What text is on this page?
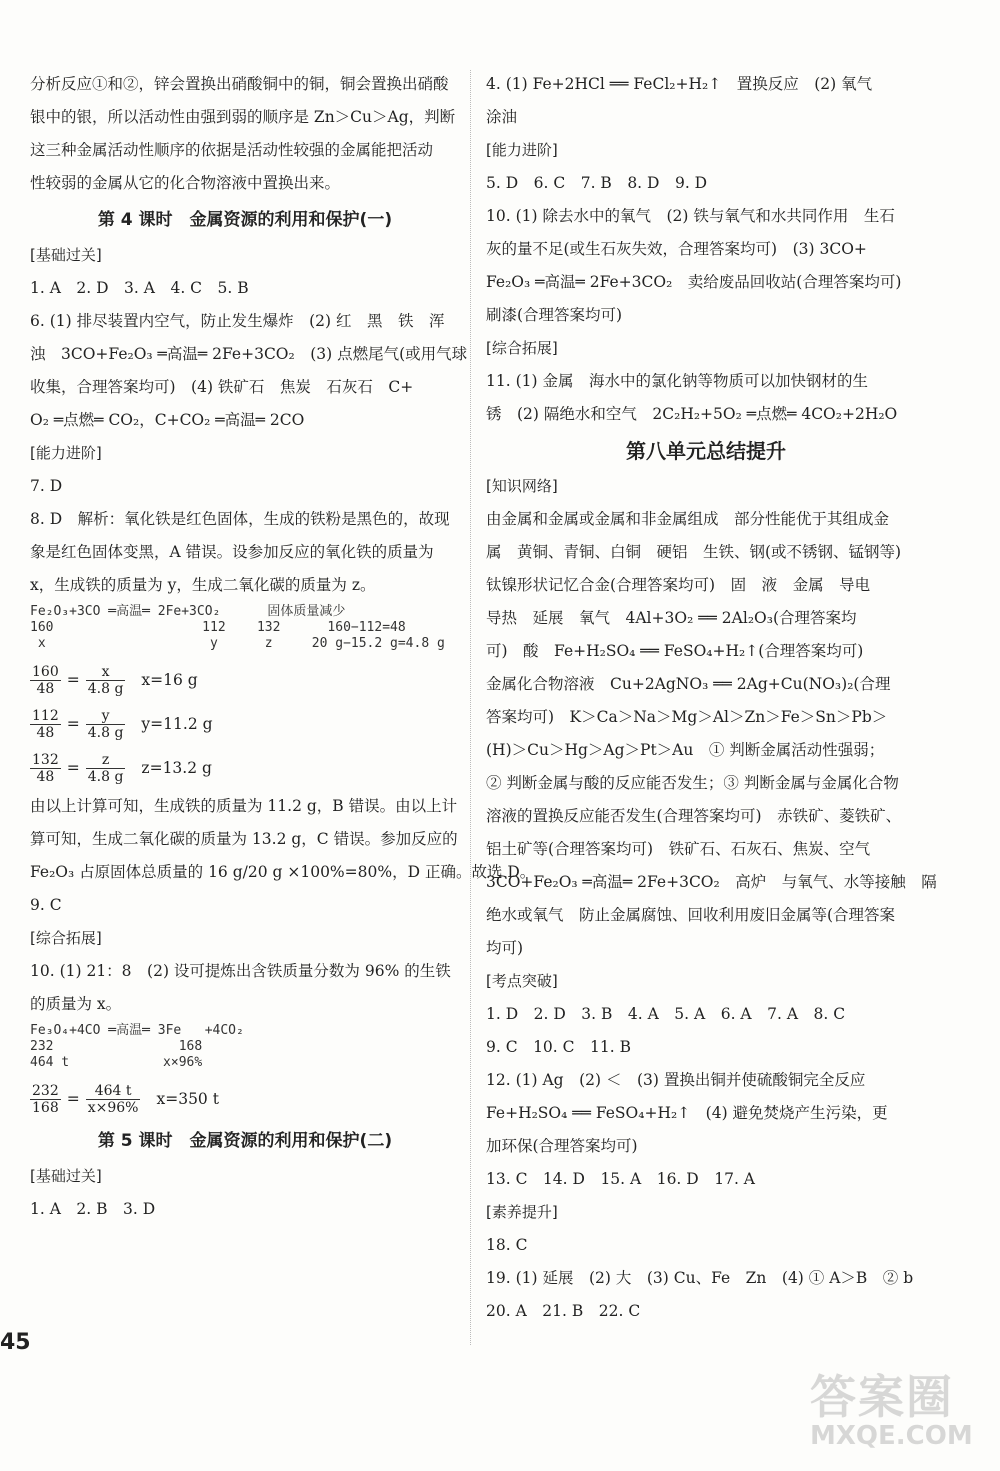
分析反应①和②，锌会置换出硝酸铜中的铜，铜会置换出硝酸
银中的银，所以活动性由强到弱的顺序是 Zn＞Cu＞Ag，判断
这三种金属活动性顺序的依据是活动性较强的金属能把活动
性较弱的金属从它的化合物溶液中置换出来。
第 4 课时　金属资源的利用和保护(一)
[基础过关]
1. A　2. D　3. A　4. C　5. B
6. (1) 排尽装置内空气，防止发生爆炸　(2) 红　黑　铁　浑
浊　3CO+Fe₂O₃ ═高温═ 2Fe+3CO₂　(3) 点燃尾气(或用气球
收集，合理答案均可)　(4) 铁矿石　焦炭　石灰石　C+
O₂ ═点燃═ CO₂，C+CO₂ ═高温═ 2CO
[能力进阶]
7. D
8. D　解析：氧化铁是红色固体，生成的铁粉是黑色的，故现
象是红色固体变黑，A 错误。设参加反应的氧化铁的质量为
x，生成铁的质量为 y，生成二氧化碳的质量为 z。
Fe₂O₃+3CO ═高温═ 2Fe+3CO₂      固体质量减少
160                   112    132      160−112=48
x                     y      z     20 g−15.2 g=4.8 g
$\frac{160}{48} = \frac{x}{4.8 g} x=16$ g
$\frac{112}{48} = \frac{y}{4.8 g} y=11.2$ g
$\frac{132}{48} = \frac{z}{4.8 g} z=13.2$ g
由以上计算可知，生成铁的质量为 11.2 g，B 错误。由以上计
算可知，生成二氧化碳的质量为 13.2 g，C 错误。参加反应的
Fe₂O₃ 占原固体总质量的 16 g/20 g ×100%=80%，D 正确。故选 D。
9. C
[综合拓展]
10. (1) 21：8　(2) 设可提炼出含铁质量分数为 96% 的生铁
的质量为 x。
Fe₃O₄+4CO ═高温═ 3Fe   +4CO₂
232                168
464 t            x×96%
$\frac{232}{168} = \frac{464 t}{x\times 96\%} x=350$ t
第 5 课时　金属资源的利用和保护(二)
[基础过关]
1. A　2. B　3. D
4. (1) Fe+2HCl ══ FeCl₂+H₂↑　置换反应　(2) 氧气
涂油
[能力进阶]
5. D　6. C　7. B　8. D　9. D
10. (1) 除去水中的氧气　(2) 铁与氧气和水共同作用　生石
灰的量不足(或生石灰失效，合理答案均可)　(3) 3CO+
Fe₂O₃ ═高温═ 2Fe+3CO₂　卖给废品回收站(合理答案均可)
刷漆(合理答案均可)
[综合拓展]
11. (1) 金属　海水中的氯化钠等物质可以加快钢材的生
锈　(2) 隔绝水和空气　2C₂H₂+5O₂ ═点燃═ 4CO₂+2H₂O
第八单元总结提升
[知识网络]
由金属和金属或金属和非金属组成　部分性能优于其组成金
属　黄铜、青铜、白铜　硬铝　生铁、钢(或不锈钢、锰钢等)
钛镍形状记忆合金(合理答案均可)　固　液　金属　导电
导热　延展　氧气　4Al+3O₂ ══ 2Al₂O₃(合理答案均
可)　酸　Fe+H₂SO₄ ══ FeSO₄+H₂↑(合理答案均可)
金属化合物溶液　Cu+2AgNO₃ ══ 2Ag+Cu(NO₃)₂(合理
答案均可)　K＞Ca＞Na＞Mg＞Al＞Zn＞Fe＞Sn＞Pb＞
(H)＞Cu＞Hg＞Ag＞Pt＞Au　① 判断金属活动性强弱；
② 判断金属与酸的反应能否发生；③ 判断金属与金属化合物
溶液的置换反应能否发生(合理答案均可)　赤铁矿、菱铁矿、
铝土矿等(合理答案均可)　铁矿石、石灰石、焦炭、空气
3CO+Fe₂O₃ ═高温═ 2Fe+3CO₂　高炉　与氧气、水等接触　隔
绝水或氧气　防止金属腐蚀、回收利用废旧金属等(合理答案
均可)
[考点突破]
1. D　2. D　3. B　4. A　5. A　6. A　7. A　8. C
9. C　10. C　11. B
12. (1) Ag　(2) ＜　(3) 置换出铜并使硫酸铜完全反应
Fe+H₂SO₄ ══ FeSO₄+H₂↑　(4) 避免焚烧产生污染，更
加环保(合理答案均可)
13. C　14. D　15. A　16. D　17. A
[素养提升]
18. C
19. (1) 延展　(2) 大　(3) Cu、Fe　Zn　(4) ① A＞B　② b
20. A　21. B　22. C
45
答案圈
MXQE.COM
